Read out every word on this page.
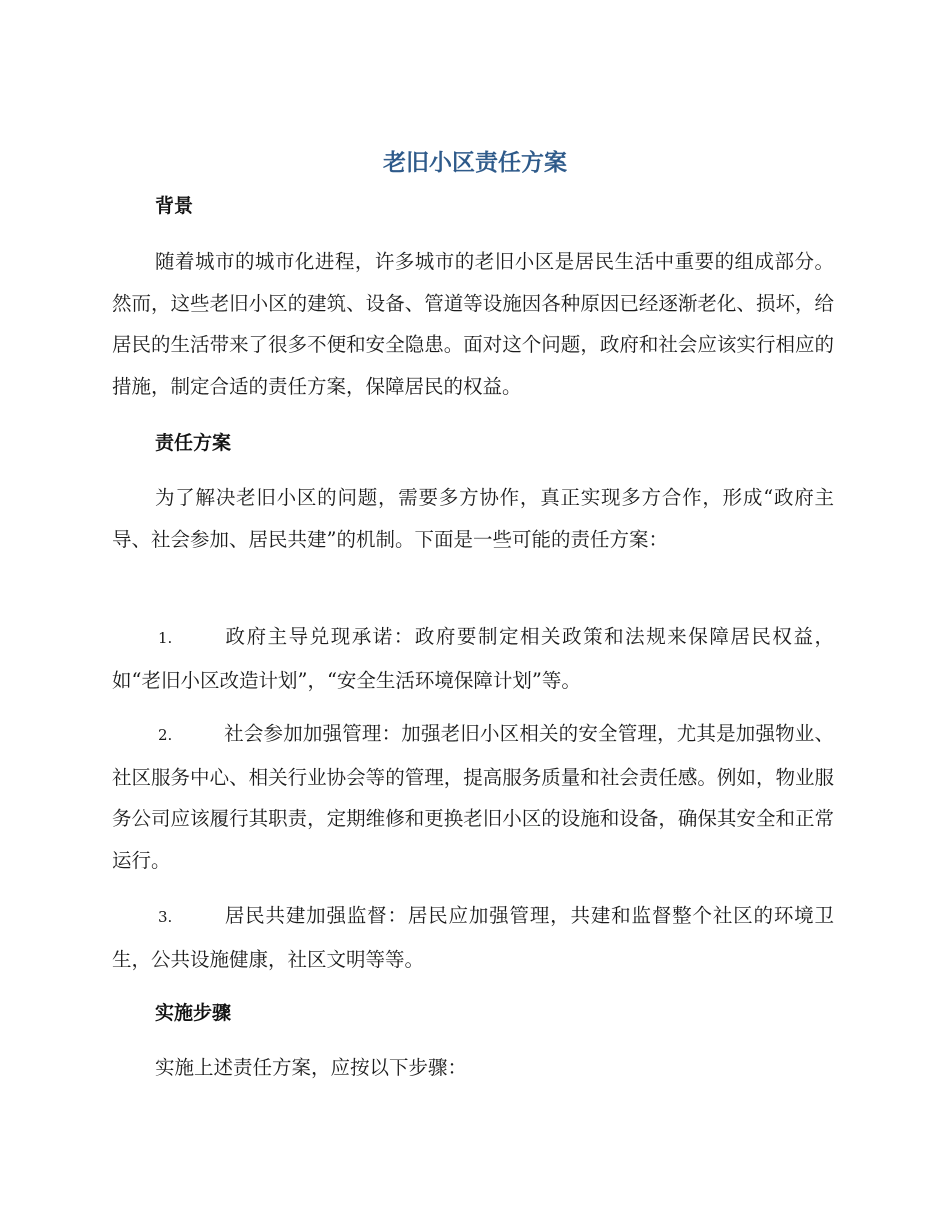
老旧小区责任方案
背景
随着城市的城市化进程，许多城市的老旧小区是居民生活中重要的组成部分。然而，这些老旧小区的建筑、设备、管道等设施因各种原因已经逐渐老化、损坏，给居民的生活带来了很多不便和安全隐患。面对这个问题，政府和社会应该实行相应的措施，制定合适的责任方案，保障居民的权益。
责任方案
为了解决老旧小区的问题，需要多方协作，真正实现多方合作，形成“政府主导、社会参加、居民共建”的机制。下面是一些可能的责任方案：
1.	政府主导兑现承诺：政府要制定相关政策和法规来保障居民权益，如“老旧小区改造计划”，“安全生活环境保障计划”等。
2.	社会参加加强管理：加强老旧小区相关的安全管理，尤其是加强物业、社区服务中心、相关行业协会等的管理，提高服务质量和社会责任感。例如，物业服务公司应该履行其职责，定期维修和更换老旧小区的设施和设备，确保其安全和正常运行。
3.	居民共建加强监督：居民应加强管理，共建和监督整个社区的环境卫生，公共设施健康，社区文明等等。
实施步骤
实施上述责任方案，应按以下步骤：
